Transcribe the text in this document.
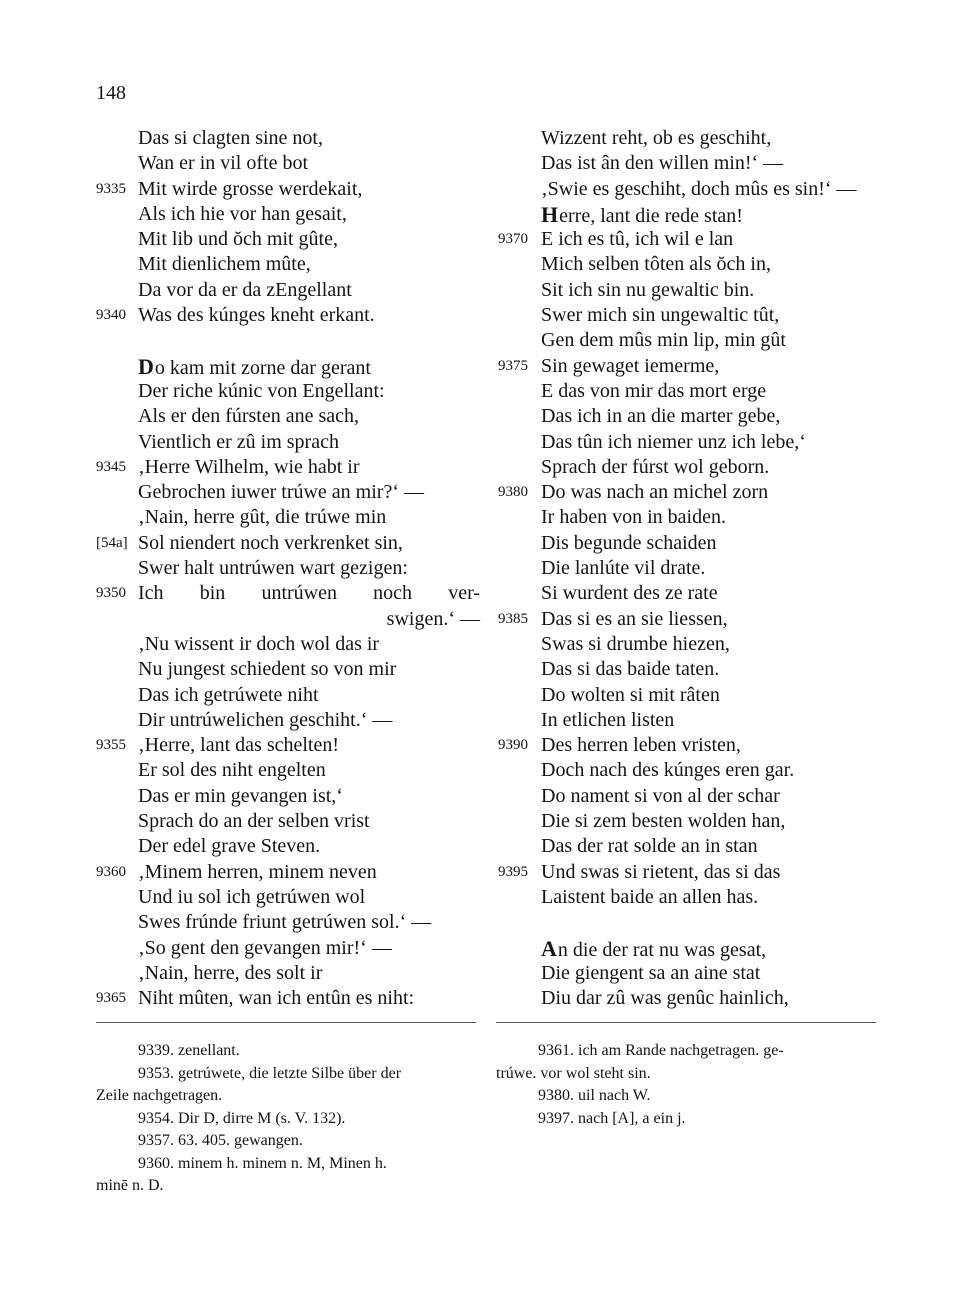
148
Das si clagten sine not,
Wan er in vil ofte bot
9335 Mit wirde grosse werdekait,
Als ich hie vor han gesait,
Mit lib und ŏch mit gûte,
Mit dienlichem mûte,
Da vor da er da zEngellant
9340 Was des kúnges kneht erkant.
Do kam mit zorne dar gerant
Der riche kúnic von Engellant:
Als er den fúrsten ane sach,
Vientlich er zû im sprach
9345 ‚Herre Wilhelm, wie habt ir
Gebrochen iuwer trúwe an mir?‘ —
‚Nain, herre gût, die trúwe min
[54a] Sol niendert noch verkrenket sin,
Swer halt untrúwen wart gezigen:
9350 Ich bin untrúwen noch ver-
swigen.‘ —
‚Nu wissent ir doch wol das ir
Nu jungest schiedent so von mir
Das ich getrúwete niht
Dir untrúwelichen geschiht.‘ —
9355 ‚Herre, lant das schelten!
Er sol des niht engelten
Das er min gevangen ist,‘
Sprach do an der selben vrist
Der edel grave Steven.
9360 ‚Minem herren, minem neven
Und iu sol ich getrúwen wol
Swes frúnde friunt getrúwen sol.‘ —
‚So gent den gevangen mir!‘ —
‚Nain, herre, des solt ir
9365 Niht mûten, wan ich entûn es niht:
Wizzent reht, ob es geschiht,
Das ist ân den willen min!‘ —
‚Swie es geschiht, doch mûs es sin!‘ —
Herre, lant die rede stan!
9370 E ich es tû, ich wil e lan
Mich selben tôten als ŏch in,
Sit ich sin nu gewaltic bin.
Swer mich sin ungewaltic tût,
Gen dem mûs min lip, min gût
9375 Sin gewaget iemerme,
E das von mir das mort erge
Das ich in an die marter gebe,
Das tûn ich niemer unz ich lebe,‘
Sprach der fúrst wol geborn.
9380 Do was nach an michel zorn
Ir haben von in baiden.
Dis begunde schaiden
Die lanlúte vil drate.
Si wurdent des ze rate
9385 Das si es an sie liessen,
Swas si drumbe hiezen,
Das si das baide taten.
Do wolten si mit râten
In etlichen listen
9390 Des herren leben vristen,
Doch nach des kúnges eren gar.
Do nament si von al der schar
Die si zem besten wolden han,
Das der rat solde an in stan
9395 Und swas si rietent, das si das
Laistent baide an allen has.
An die der rat nu was gesat,
Die giengent sa an aine stat
Diu dar zû was genûc hainlich,
9339. zenellant.
9353. getrúwete, die letzte Silbe über der
Zeile nachgetragen.
9354. Dir D, dirre M (s. V. 132).
9357. 63. 405. gewangen.
9360. minem h. minem n. M, Minen h.
minē n. D.
9361. ich am Rande nachgetragen. ge-
trúwe. vor wol steht sin.
9380. uil nach W.
9397. nach [A], a ein j.
